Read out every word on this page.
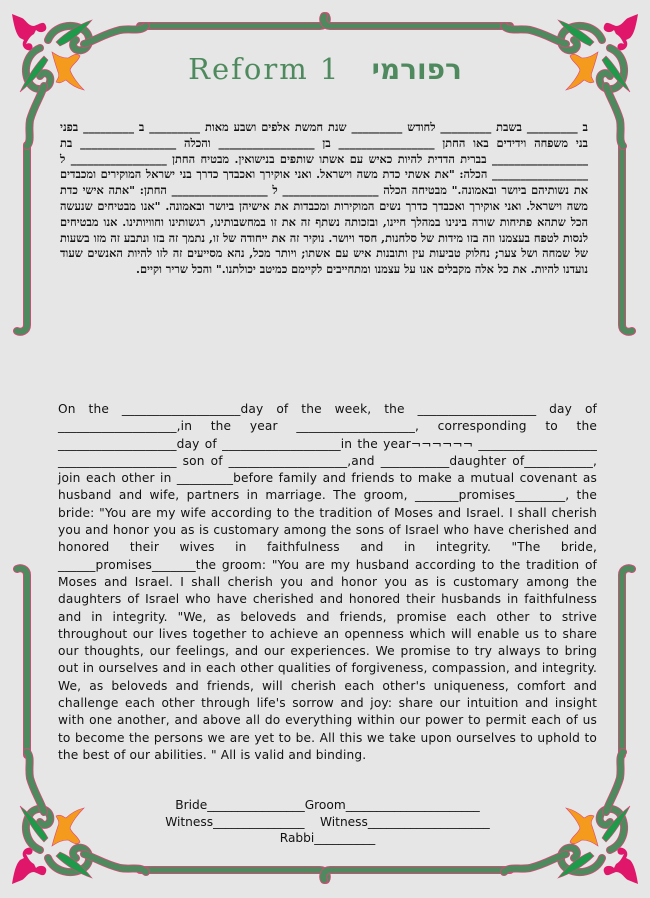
Reform 1 רפורמי

ב _________ בשבת _________ לחודש _________ שנת חמשת אלפים ושבע מאות _________ ב _________ בפני בני משפחה וידידים באו החתן _________________ בן _________________ והכלה _________________ בת _________________ בברית הדדית להיות כאיש עם אשתו שותפים בנישואין. מבטיח החתן _________________ ל _________________ הכלה: "את אשתי כדת משה וישראל. ואני אוקירך ואכבדך כדרך בני ישראל המוקירים ומכבדים את נשותיהם ביושר ובאמונה." מבטיחה הכלה _________________ ל _________________ החתן: "אתה אישי כדת משה וישראל. ואני אוקירך ואכבדך כדרך נשים המוקירות ומכבדות את אישיהן ביושר ובאמונה. "אנו מבטיחים שנעשה הכל שתהא פתיחות שורה בינינו במהלך חיינו, ובזכותה נשתף זה את זו במחשבותינו, רגשותינו וחוויותינו. אנו מבטיחים לנסות לטפח בעצמנו וזה בזו מידות של סלחנות, חסד ויושר. נוקיר זה את ייחודה של זו, נתמך זה בזו ונתבע זה מזו בשעות של שמחה ושל צער; נחלוק טביעות עין ותובנות איש עם אשתו; ויותר מכל, נהא מסייעים זה לזו להיות האנשים שעוד נועדנו להיות. את כל אלה מקבלים אנו על עצמנו ומתחייבים לקיימם כמיטב יכולתנו." והכל שריר וקיים.

On the ___________________day of the week, the ___________________ day of ___________________,in the year ___________________, corresponding to the ___________________day of ___________________in the year¬¬¬¬¬¬ ___________________ ___________________ son of ___________________,and ___________daughter of___________, join each other in _________before family and friends to make a mutual covenant as husband and wife, partners in marriage. The groom, _______promises________, the bride: "You are my wife according to the tradition of Moses and Israel. I shall cherish you and honor you as is customary among the sons of Israel who have cherished and honored their wives in faithfulness and in integrity. "The bride, ______promises_______the groom: "You are my husband according to the tradition of Moses and Israel. I shall cherish you and honor you as is customary among the daughters of Israel who have cherished and honored their husbands in faithfulness and in integrity. "We, as beloveds and friends, promise each other to strive throughout our lives together to achieve an openness which will enable us to share our thoughts, our feelings, and our experiences. We promise to try always to bring out in ourselves and in each other qualities of forgiveness, compassion, and integrity. We, as beloveds and friends, will cherish each other's uniqueness, comfort and challenge each other through life's sorrow and joy: share our intuition and insight with one another, and above all do everything within our power to permit each of us to become the persons we are yet to be. All this we take upon ourselves to uphold to the best of our abilities. " All is valid and binding.

Bride________________ Groom______________________
Witness_______________ Witness____________________
Rabbi__________
